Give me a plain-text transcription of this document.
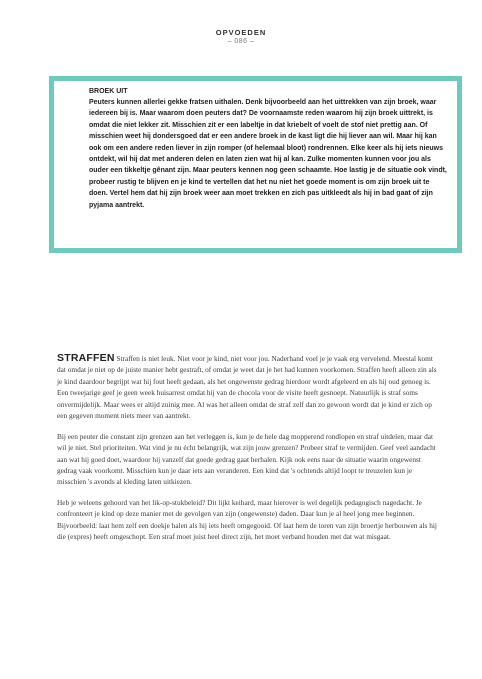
OPVOEDEN
– 086 –
BROEK UIT
Peuters kunnen allerlei gekke fratsen uithalen. Denk bijvoorbeeld aan het uittrekken van zijn broek, waar iedereen bij is. Maar waarom doen peuters dat? De voornaamste reden waarom hij zijn broek uittrekt, is omdat die niet lekker zit. Misschien zit er een labeltje in dat kriebelt of voelt de stof niet prettig aan. Of misschien weet hij dondersgoed dat er een andere broek in de kast ligt die hij liever aan wil. Maar hij kan ook om een andere reden liever in zijn romper (of helemaal bloot) rondrennen. Elke keer als hij iets nieuws ontdekt, wil hij dat met anderen delen en laten zien wat hij al kan. Zulke momenten kunnen voor jou als ouder een tikkeltje gênant zijn. Maar peuters kennen nog geen schaamte. Hoe lastig je de situatie ook vindt, probeer rustig te blijven en je kind te vertellen dat het nu niet het goede moment is om zijn broek uit te doen. Vertel hem dat hij zijn broek weer aan moet trekken en zich pas uitkleedt als hij in bad gaat of zijn pyjama aantrekt.

STRAFFEN Straffen is niet leuk. Niet voor je kind, niet voor jou. Naderhand voel je je vaak erg vervelend. Meestal komt dat omdat je niet op de juiste manier hebt gestraft, of omdat je weet dat je het had kunnen voorkomen. Straffen heeft alleen zin als je kind daardoor begrijpt wat hij fout heeft gedaan, als het ongewenste gedrag hierdoor wordt afgeleerd en als hij oud genoeg is. Een tweejarige geef je geen week huisarrest omdat hij van de chocola voor de visite heeft gesnoept. Natuurlijk is straf soms onvermijdelijk. Maar wees er altijd zuinig mee. Al was het alleen omdat de straf zelf dan zo gewoon wordt dat je kind er zich op een gegeven moment niets meer van aantrekt.

Bij een peuter die constant zijn grenzen aan het verleggen is, kun je de hele dag mopperend rondlopen en straf uitdelen, maar dat wil je niet. Stel prioriteiten. Wat vind je nu écht belangrijk, wat zijn jouw grenzen? Probeer straf te vermijden. Geef veel aandacht aan wat hij goed doet, waardoor hij vanzelf dat goede gedrag gaat herhalen. Kijk ook eens naar de situatie waarin ongewenst gedrag vaak voorkomt. Misschien kun je daar iets aan veranderen. Een kind dat 's ochtends altijd loopt te treuzelen kun je misschien 's avonds al kleding laten uitkiezen.

Heb je weleens gehoord van het lik-op-stukbeleid? Dit lijkt keihard, maar hierover is wel degelijk pedagogisch nagedacht. Je confronteert je kind op deze manier met de gevolgen van zijn (ongewenste) daden. Daar kun je al heel jong mee beginnen. Bijvoorbeeld: laat hem zelf een doekje halen als hij iets heeft omgegooid. Of laat hem de toren van zijn broertje herbouwen als hij die (expres) heeft omgeschopt. Een straf moet juist heel direct zijn, het moet verband houden met dat wat misgaat.
